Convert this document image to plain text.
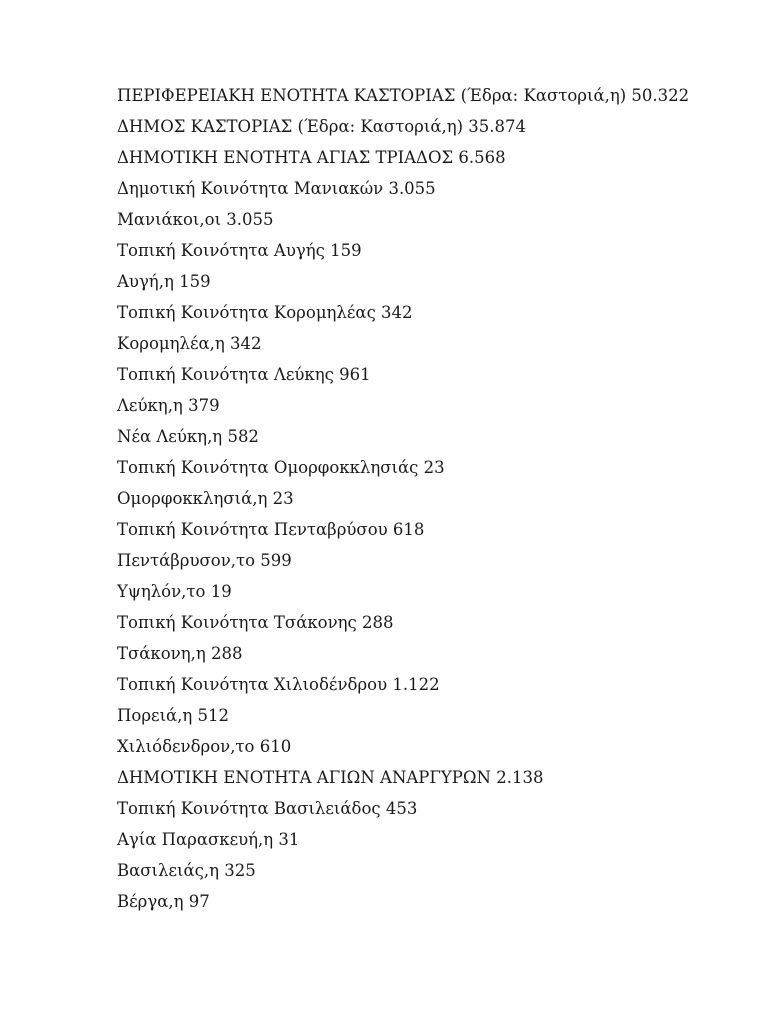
ΠΕΡΙΦΕΡΕΙΑΚΗ ΕΝΟΤΗΤΑ ΚΑΣΤΟΡΙΑΣ (Έδρα: Καστοριά,η) 50.322
ΔΗΜΟΣ ΚΑΣΤΟΡΙΑΣ (Έδρα: Καστοριά,η) 35.874
ΔΗΜΟΤΙΚΗ ΕΝΟΤΗΤΑ ΑΓΙΑΣ ΤΡΙΑΔΟΣ 6.568
Δημοτική Κοινότητα Μανιακών 3.055
Μανιάκοι,οι 3.055
Τοπική Κοινότητα Αυγής 159
Αυγή,η 159
Τοπική Κοινότητα Κορομηλέας 342
Κορομηλέα,η 342
Τοπική Κοινότητα Λεύκης 961
Λεύκη,η 379
Νέα Λεύκη,η 582
Τοπική Κοινότητα Ομορφοκκλησιάς 23
Ομορφοκκλησιά,η 23
Τοπική Κοινότητα Πενταβρύσου 618
Πεντάβρυσον,το 599
Υψηλόν,το 19
Τοπική Κοινότητα Τσάκονης 288
Τσάκονη,η 288
Τοπική Κοινότητα Χιλιοδένδρου 1.122
Πορειά,η 512
Χιλιόδενδρον,το 610
ΔΗΜΟΤΙΚΗ ΕΝΟΤΗΤΑ ΑΓΙΩΝ ΑΝΑΡΓΥΡΩΝ 2.138
Τοπική Κοινότητα Βασιλειάδος 453
Αγία Παρασκευή,η 31
Βασιλειάς,η 325
Βέργα,η 97
